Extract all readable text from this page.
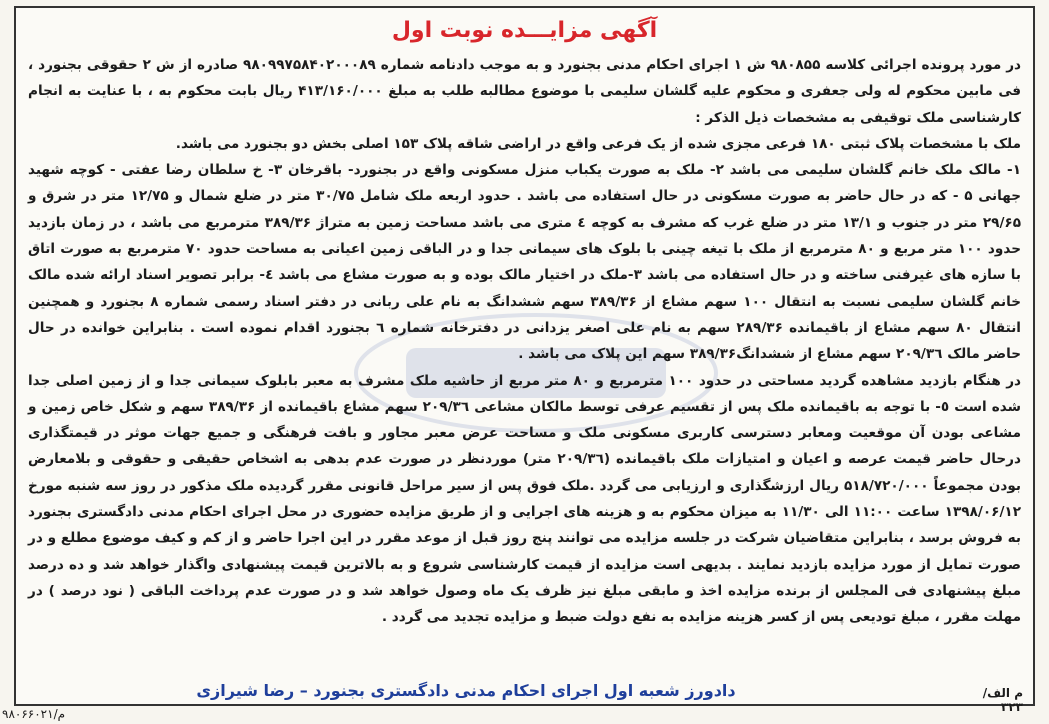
آگهی مزایـــده نوبت اول

در مورد پرونده اجرائی کلاسه ۹۸۰۸۵۵ ش ۱ اجرای احکام مدنی بجنورد و به موجب دادنامه شماره ۹۸۰۹۹۷۵۸۴۰۲۰۰۰۸۹ صادره از ش ۲ حقوقی بجنورد ، فی مابین محکوم له ولی جعفری و محکوم علیه گلشان سلیمی با موضوع مطالبه طلب به مبلغ ۴۱۳/۱۶۰/۰۰۰ ریال بابت محکوم به ، با عنایت به انجام کارشناسی ملک توقیفی به مشخصات ذیل الذکر :

ملک با مشخصات پلاک ثبتی ۱۸۰ فرعی مجزی شده از یک فرعی واقع در اراضی شاقه پلاک ۱۵۳ اصلی بخش دو بجنورد می باشد.

۱- مالک ملک خانم گلشان سلیمی می باشد ۲- ملک به صورت یکباب منزل مسکونی واقع در بجنورد- باقرخان ۳- خ سلطان رضا عفتی - کوچه شهید جهانی ۵ - که در حال حاضر به صورت مسکونی در حال استفاده می باشد . حدود اربعه ملک شامل ۳۰/۷۵ متر در ضلع شمال و ۱۲/۷۵ متر در شرق و ۲۹/۶۵ متر در جنوب و ۱۳/۱ متر در ضلع غرب که مشرف به کوچه ٤ متری می باشد مساحت زمین به متراژ ۳۸۹/۳۶ مترمربع می باشد ، در زمان بازدید حدود ۱۰۰ متر مربع و ۸۰ مترمربع از ملک با تیغه چینی با بلوک های سیمانی جدا و در الباقی زمین اعیانی به مساحت حدود ۷۰ مترمربع به صورت اتاق با سازه های غیرفنی ساخته و در حال استفاده می باشد ۳-ملک در اختیار مالک بوده و به صورت مشاع می باشد ٤- برابر تصویر اسناد ارائه شده مالک خانم گلشان سلیمی نسبت به انتقال ۱۰۰ سهم مشاع از ۳۸۹/۳۶ سهم ششدانگ به نام علی ربانی در دفتر اسناد رسمی شماره ۸ بجنورد و همچنین انتقال ۸۰ سهم مشاع از باقیمانده ۲۸۹/۳۶ سهم به نام علی اصغر یزدانی در دفترخانه شماره ٦ بجنورد اقدام نموده است . بنابراین خوانده در حال حاضر مالک ۲۰۹/۳٦ سهم مشاع از ششدانگ۳۸۹/۳۶ سهم این پلاک می باشد .

در هنگام بازدید مشاهده گردید مساحتی در حدود ۱۰۰ مترمربع و ۸۰ متر مربع از حاشیه ملک مشرف به معبر بابلوک سیمانی جدا و از زمین اصلی جدا شده است ٥- با توجه به باقیمانده ملک پس از تقسیم عرفی توسط مالکان مشاعی ۲۰۹/۳٦ سهم مشاع باقیمانده از ۳۸۹/۳۶ سهم و شکل خاص زمین و مشاعی بودن آن موقعیت ومعابر دسترسی کاربری مسکونی ملک و مساحت عرض معبر مجاور و بافت فرهنگی و جمیع جهات موثر در قیمتگذاری درحال حاضر قیمت عرصه و اعیان و امتیازات ملک باقیمانده (۲۰۹/۳٦ متر) موردنظر در صورت عدم بدهی به اشخاص حقیقی و حقوقی و بلامعارض بودن مجموعاً ۵۱۸/۷۲۰/۰۰۰ ریال ارزشگذاری و ارزیابی می گردد .ملک فوق پس از سیر مراحل قانونی مقرر گردیده ملک مذکور در روز سه شنبه مورخ ۱۳۹۸/۰۶/۱۲ ساعت ۱۱:۰۰ الی ۱۱/۳۰ به میزان محکوم به و هزینه های اجرایی و از طریق مزایده حضوری در محل اجرای احکام مدنی دادگستری بجنورد به فروش برسد ، بنابراین متقاضیان شرکت در جلسه مزایده می توانند پنج روز قبل از موعد مقرر در این اجرا حاضر و از کم و کیف موضوع مطلع و در صورت تمایل از مورد مزایده بازدید نمایند . بدیهی است مزایده از قیمت کارشناسی شروع و به بالاترین قیمت پیشنهادی واگذار خواهد شد و ده درصد مبلغ پیشنهادی فی المجلس از برنده مزایده اخذ و مابقی مبلغ نیز ظرف یک ماه وصول خواهد شد و در صورت عدم پرداخت الباقی ( نود درصد ) در مهلت مقرر ، مبلغ تودیعی پس از کسر هزینه مزایده به نفع دولت ضبط و مزایده تجدید می گردد .

دادورز شعبه اول اجرای احکام مدنی دادگستری بجنورد – رضا شیرازی	م الف/
۳۲۳
۹۸۰۶۶۰۲۱/م
